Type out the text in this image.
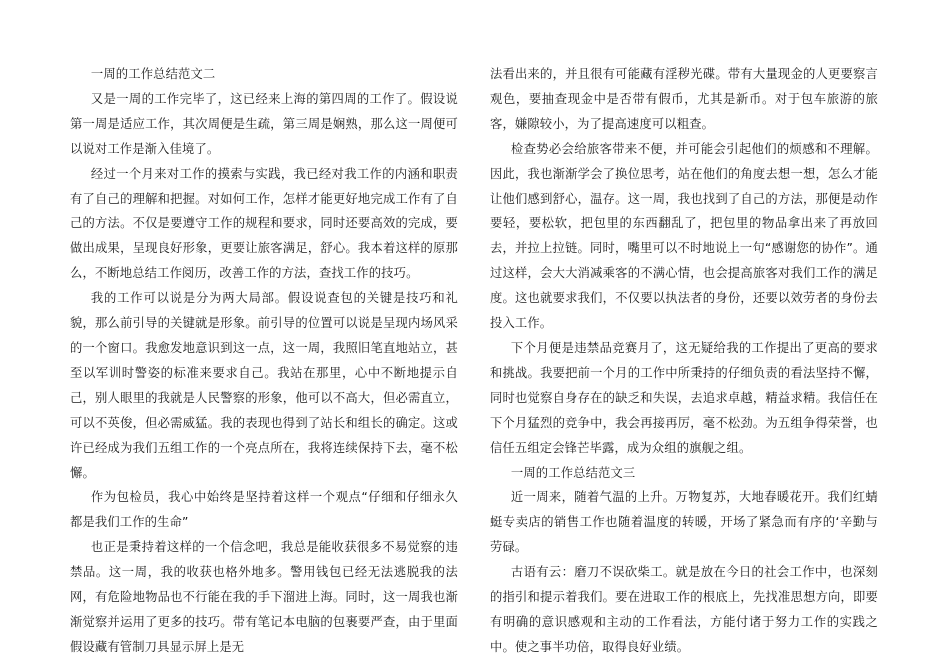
一周的工作总结范文二

又是一周的工作完毕了，这已经来上海的第四周的工作了。假设说第一周是适应工作，其次周便是生疏，第三周是娴熟，那么这一周便可以说对工作是渐入佳境了。

经过一个月来对工作的摸索与实践，我已经对我工作的内涵和职责有了自己的理解和把握。对如何工作，怎样才能更好地完成工作有了自己的方法。不仅是要遵守工作的规程和要求，同时还要高效的完成，要做出成果，呈现良好形象，更要让旅客满足，舒心。我本着这样的原那么，不断地总结工作阅历，改善工作的方法，查找工作的技巧。

我的工作可以说是分为两大局部。假设说查包的关键是技巧和礼貌，那么前引导的关键就是形象。前引导的位置可以说是呈现内场风采的一个窗口。我愈发地意识到这一点，这一周，我照旧笔直地站立，甚至以军训时警姿的标准来要求自己。我站在那里，心中不断地提示自己，别人眼里的我就是人民警察的形象，他可以不高大，但必需直立，可以不英俊，但必需威猛。我的表现也得到了站长和组长的确定。这或许已经成为我们五组工作的一个亮点所在，我将连续保持下去，毫不松懈。

作为包检员，我心中始终是坚持着这样一个观点“仔细和仔细永久都是我们工作的生命”

也正是秉持着这样的一个信念吧，我总是能收获很多不易觉察的违禁品。这一周，我的收获也格外地多。警用钱包已经无法逃脱我的法网，有危险地物品也不行能在我的手下溜进上海。同时，这一周我也渐渐觉察并运用了更多的技巧。带有笔记本电脑的包裹要严查，由于里面假设藏有管制刀具显示屏上是无

法看出来的，并且很有可能藏有淫秽光碟。带有大量现金的人更要察言观色，要抽查现金中是否带有假币，尤其是新币。对于包车旅游的旅客，嫌隙较小，为了提高速度可以粗查。

检查势必会给旅客带来不便，并可能会引起他们的烦感和不理解。因此，我也渐渐学会了换位思考，站在他们的角度去想一想，怎么才能让他们感到舒心，温存。这一周，我也找到了自己的方法，那便是动作要轻，要松软，把包里的东西翻乱了，把包里的物品拿出来了再放回去，并拉上拉链。同时，嘴里可以不时地说上一句“感谢您的协作”。通过这样，会大大消减乘客的不满心情，也会提高旅客对我们工作的满足度。这也就要求我们，不仅要以执法者的身份，还要以效劳者的身份去投入工作。

下个月便是违禁品竞赛月了，这无疑给我的工作提出了更高的要求和挑战。我要把前一个月的工作中所秉持的仔细负责的看法坚持不懈，同时也觉察自身存在的缺乏和失误，去追求卓越，精益求精。我信任在下个月猛烈的竞争中，我会再接再厉，毫不松劲。为五组争得荣誉，也信任五组定会锋芒毕露，成为众组的旗舰之组。

一周的工作总结范文三

近一周来，随着气温的上升。万物复苏，大地春暖花开。我们红蜻蜓专卖店的销售工作也随着温度的转暖，开场了紧急而有序的‘辛勤与劳碌。

古语有云：磨刀不误砍柴工。就是放在今日的社会工作中，也深刻的指引和提示着我们。要在进取工作的根底上，先找准思想方向，即要有明确的意识感观和主动的工作看法，方能付诸于努力工作的实践之中。使之事半功倍，取得良好业绩。
